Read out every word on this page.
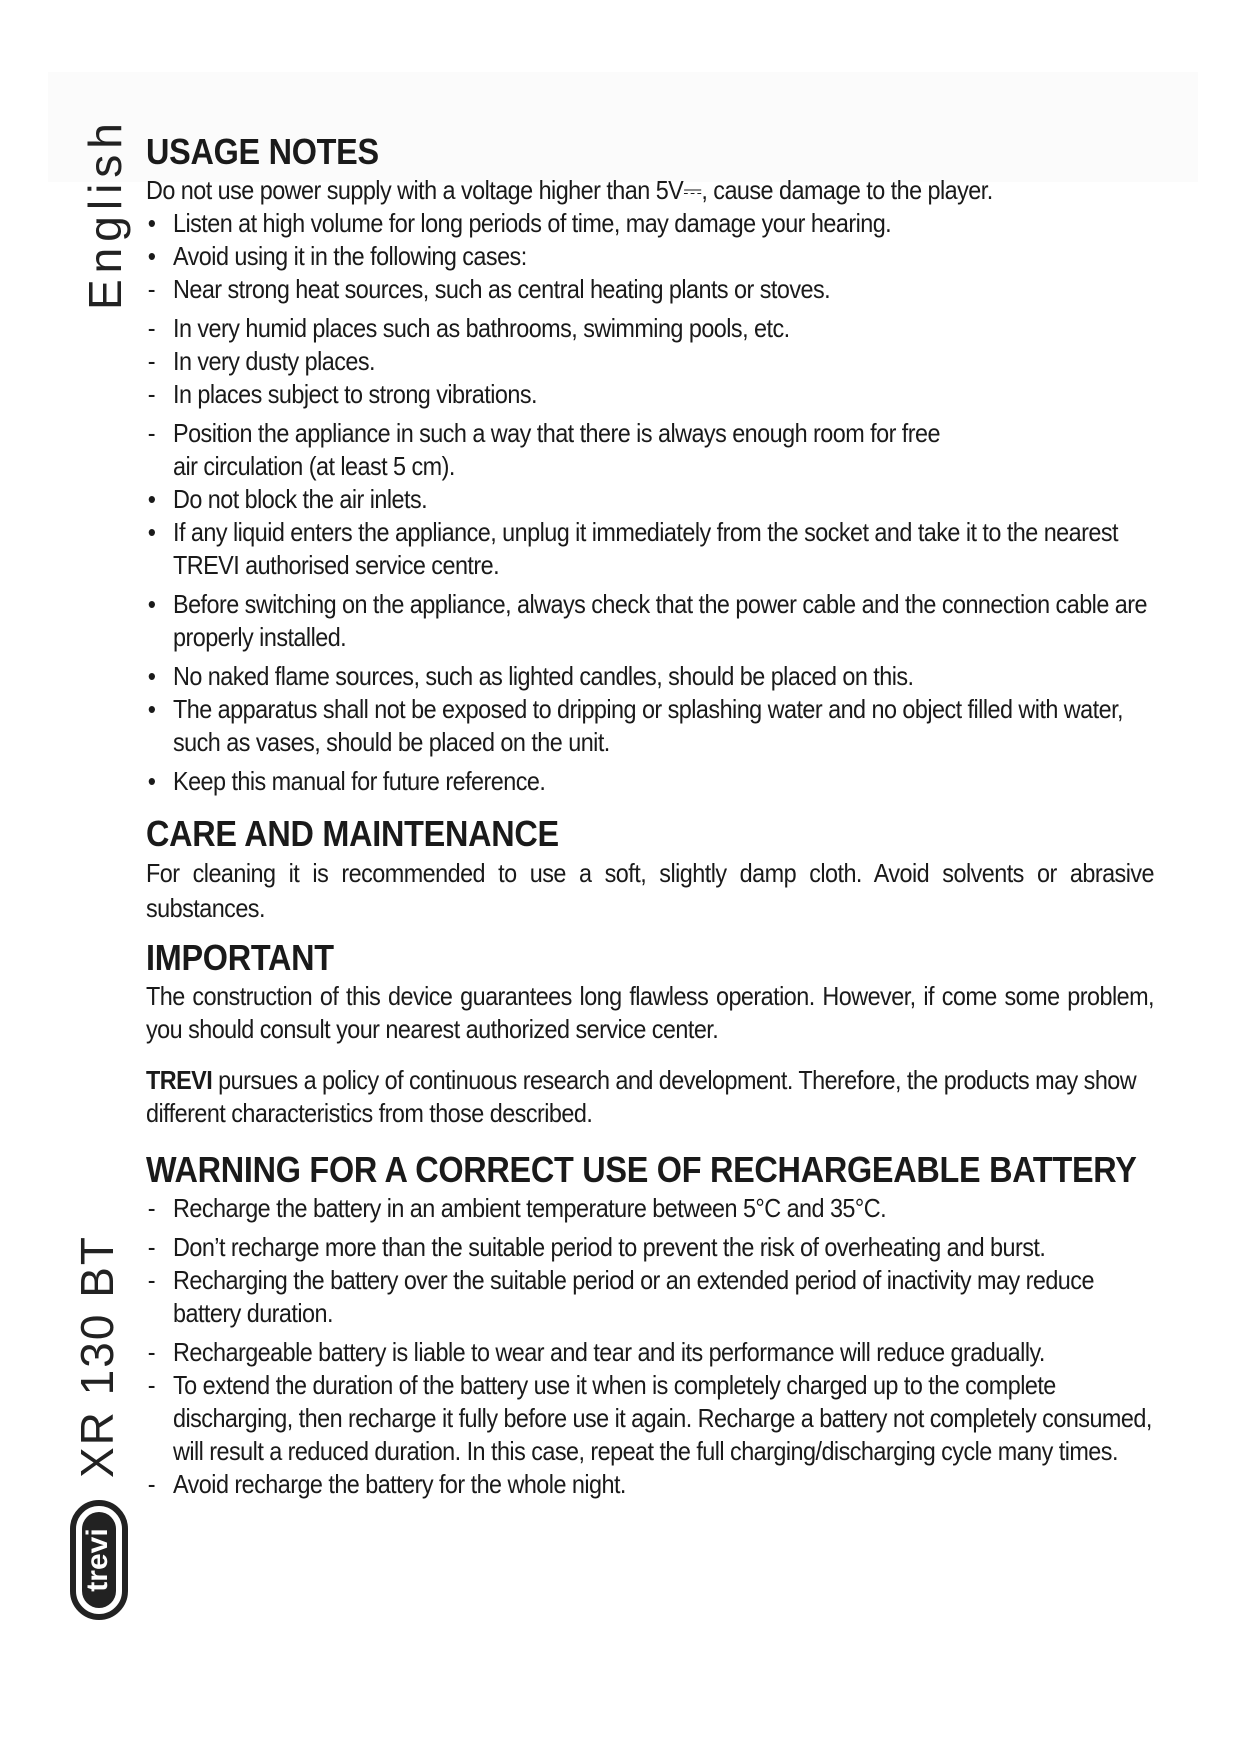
English
XR 130 BT
trevi
USAGE NOTES

Do not use power supply with a voltage higher than 5V⎓, cause damage to the player.

• Listen at high volume for long periods of time, may damage your hearing.
• Avoid using it in the following cases:
- Near strong heat sources, such as central heating plants or stoves.
- In very humid places such as bathrooms, swimming pools, etc.
- In very dusty places.
- In places subject to strong vibrations.
- Position the appliance in such a way that there is always enough room for free air circulation (at least 5 cm).
• Do not block the air inlets.
• If any liquid enters the appliance, unplug it immediately from the socket and take it to the nearest TREVI authorised service centre.
• Before switching on the appliance, always check that the power cable and the connection cable are properly installed.
• No naked flame sources, such as lighted candles, should be placed on this.
• The apparatus shall not be exposed to dripping or splashing water and no object filled with water, such as vases, should be placed on the unit.
• Keep this manual for future reference.
CARE AND MAINTENANCE

For cleaning it is recommended to use a soft, slightly damp cloth. Avoid solvents or abrasive substances.

IMPORTANT

The construction of this device guarantees long flawless operation. However, if come some problem, you should consult your nearest authorized service center.

TREVI pursues a policy of continuous research and development. Therefore, the products may show different characteristics from those described.

WARNING FOR A CORRECT USE OF RECHARGEABLE BATTERY
- Recharge the battery in an ambient temperature between 5°C and 35°C.
- Don’t recharge more than the suitable period to prevent the risk of overheating and burst.
- Recharging the battery over the suitable period or an extended period of inactivity may reduce battery duration.
- Rechargeable battery is liable to wear and tear and its performance will reduce gradually.
- To extend the duration of the battery use it when is completely charged up to the complete discharging, then recharge it fully before use it again. Recharge a battery not completely consumed, will result a reduced duration. In this case, repeat the full charging/discharging cycle many times.
- Avoid recharge the battery for the whole night.
